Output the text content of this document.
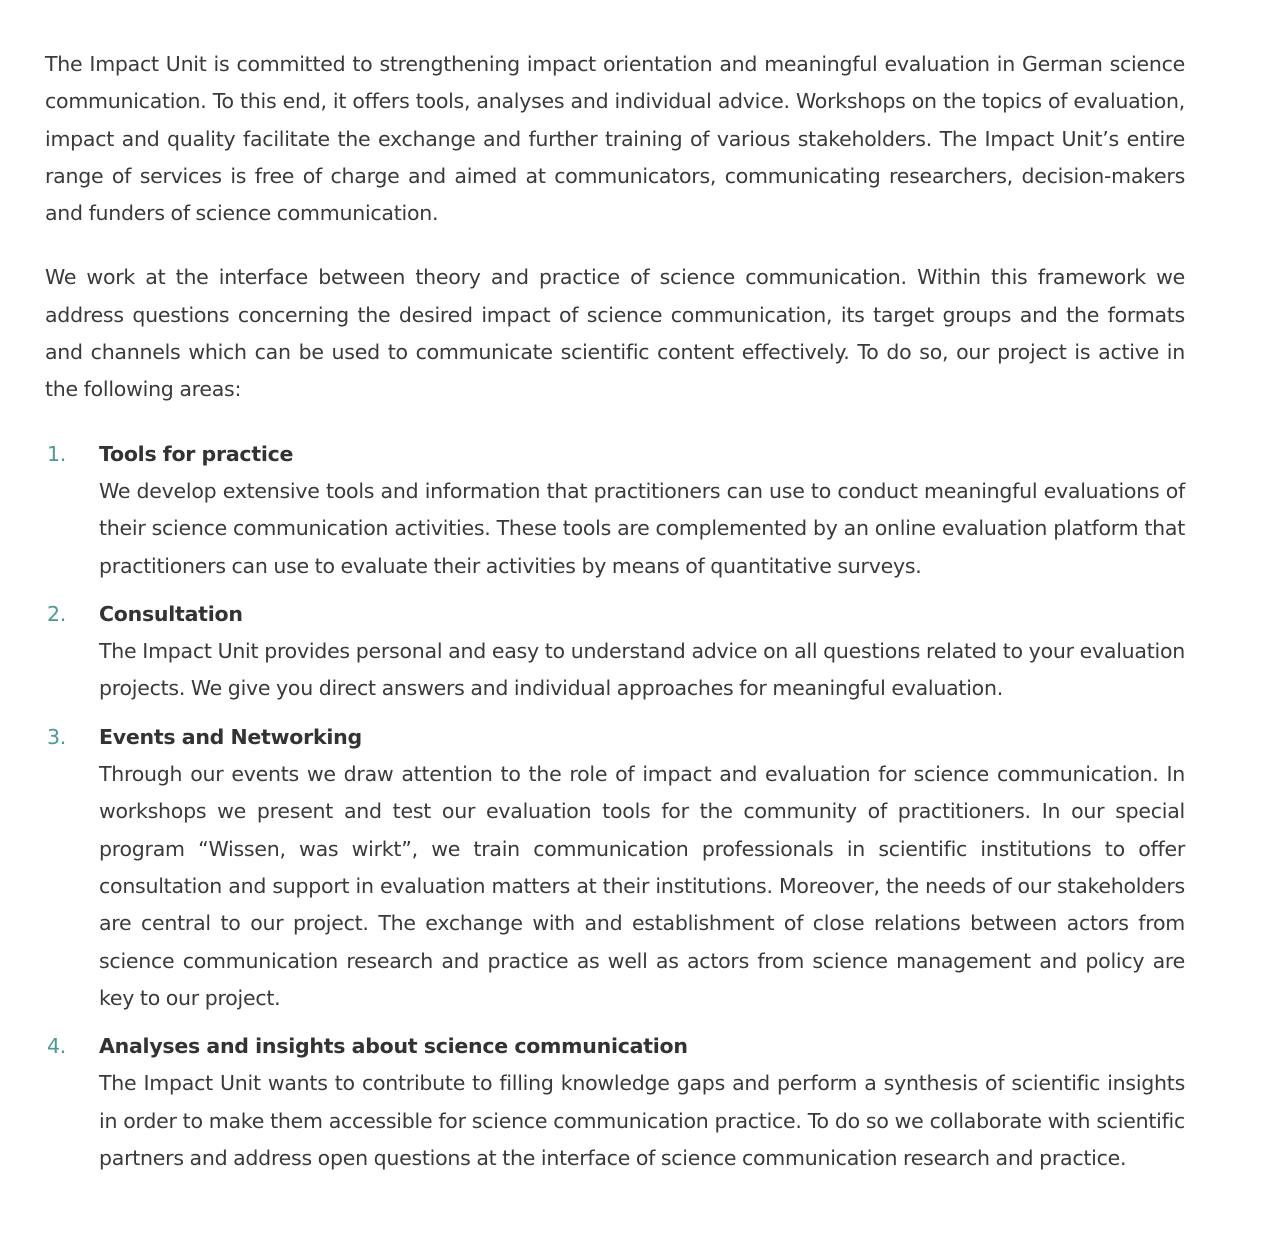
The Impact Unit is committed to strengthening impact orientation and meaningful evaluation in German science communication. To this end, it offers tools, analyses and individual advice. Workshops on the topics of evaluation, impact and quality facilitate the exchange and further training of various stakeholders. The Impact Unit’s entire range of services is free of charge and aimed at communicators, communicating researchers, decision-makers and funders of science communication.

We work at the interface between theory and practice of science communication. Within this framework we address questions concerning the desired impact of science communication, its target groups and the formats and channels which can be used to communicate scientific content effectively. To do so, our project is active in the following areas:

1. Tools for practice
We develop extensive tools and information that practitioners can use to conduct meaningful evaluations of their science communication activities. These tools are complemented by an online evaluation platform that practitioners can use to evaluate their activities by means of quantitative surveys.
2. Consultation
The Impact Unit provides personal and easy to understand advice on all questions related to your evaluation projects. We give you direct answers and individual approaches for meaningful evaluation.
3. Events and Networking
Through our events we draw attention to the role of impact and evaluation for science communication. In workshops we present and test our evaluation tools for the community of practitioners. In our special program “Wissen, was wirkt”, we train communication professionals in scientific institutions to offer consultation and support in evaluation matters at their institutions. Moreover, the needs of our stakeholders are central to our project. The exchange with and establishment of close relations between actors from science communication research and practice as well as actors from science management and policy are key to our project.
4. Analyses and insights about science communication
The Impact Unit wants to contribute to filling knowledge gaps and perform a synthesis of scientific insights in order to make them accessible for science communication practice. To do so we collaborate with scientific partners and address open questions at the interface of science communication research and practice.
